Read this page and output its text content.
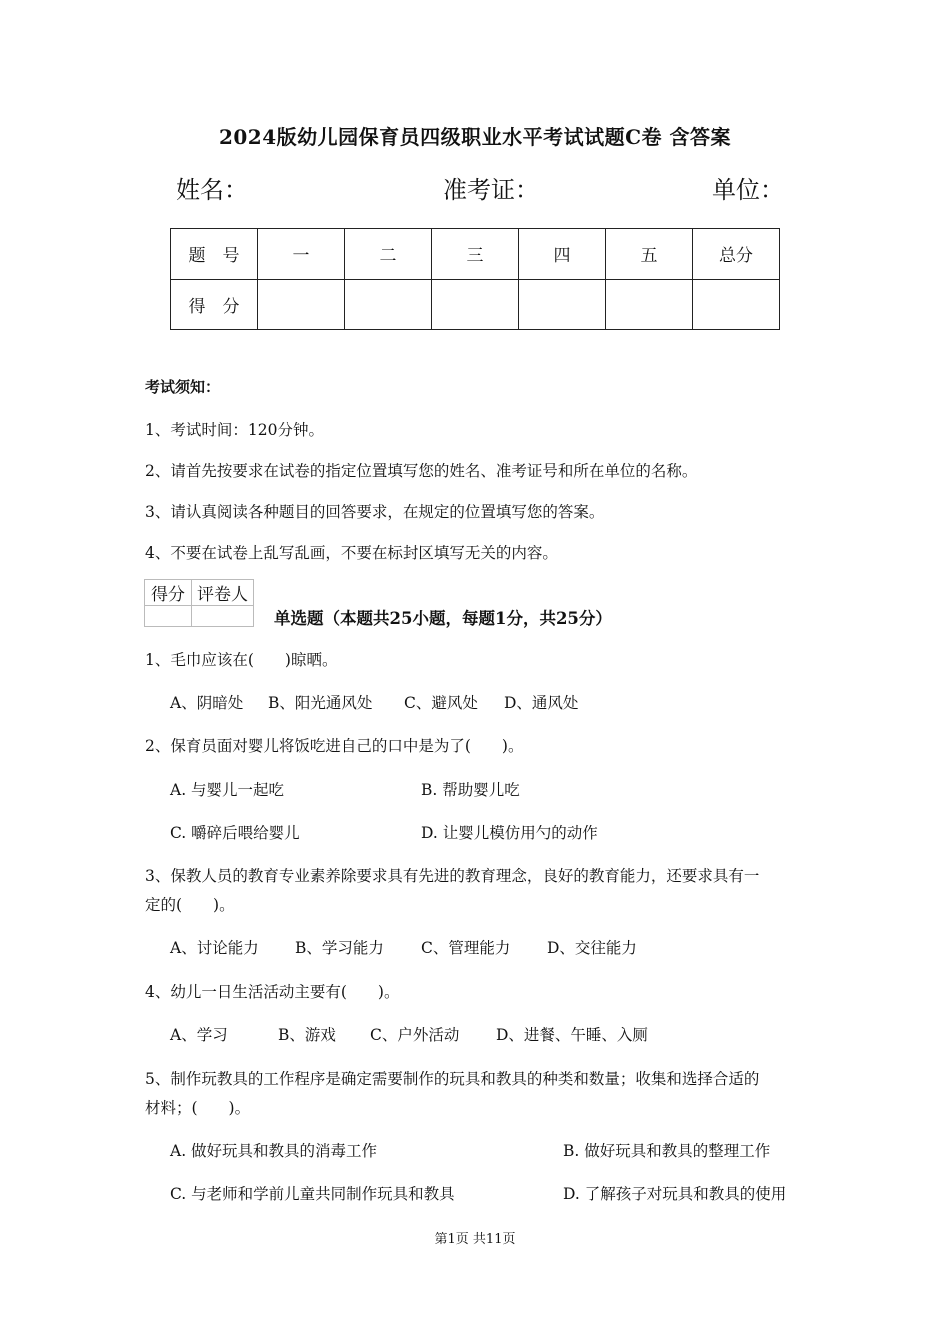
2024版幼儿园保育员四级职业水平考试试题C卷 含答案
姓名：	准考证：	单位：
题　号	一	二	三	四	五	总分
得　分						
考试须知：
1、考试时间：120分钟。
2、请首先按要求在试卷的指定位置填写您的姓名、准考证号和所在单位的名称。
3、请认真阅读各种题目的回答要求，在规定的位置填写您的答案。
4、不要在试卷上乱写乱画，不要在标封区填写无关的内容。
得分	评卷人

单选题（本题共25小题，每题1分，共25分）
1、毛巾应该在(　　)晾晒。
A、阴暗处 B、阳光通风处 C、避风处 D、通风处
2、保育员面对婴儿将饭吃进自己的口中是为了(　　)。
A. 与婴儿一起吃	B. 帮助婴儿吃
C. 嚼碎后喂给婴儿	D. 让婴儿模仿用勺的动作
3、保教人员的教育专业素养除要求具有先进的教育理念，良好的教育能力，还要求具有一
定的(　　)。
A、讨论能力 B、学习能力 C、管理能力 D、交往能力
4、幼儿一日生活活动主要有(　　)。
A、学习	B、游戏 C、户外活动 D、进餐、午睡、入厕
5、制作玩教具的工作程序是确定需要制作的玩具和教具的种类和数量；收集和选择合适的
材料；(　　)。
A. 做好玩具和教具的消毒工作	B. 做好玩具和教具的整理工作
C. 与老师和学前儿童共同制作玩具和教具	D. 了解孩子对玩具和教具的使用
第1页 共11页
